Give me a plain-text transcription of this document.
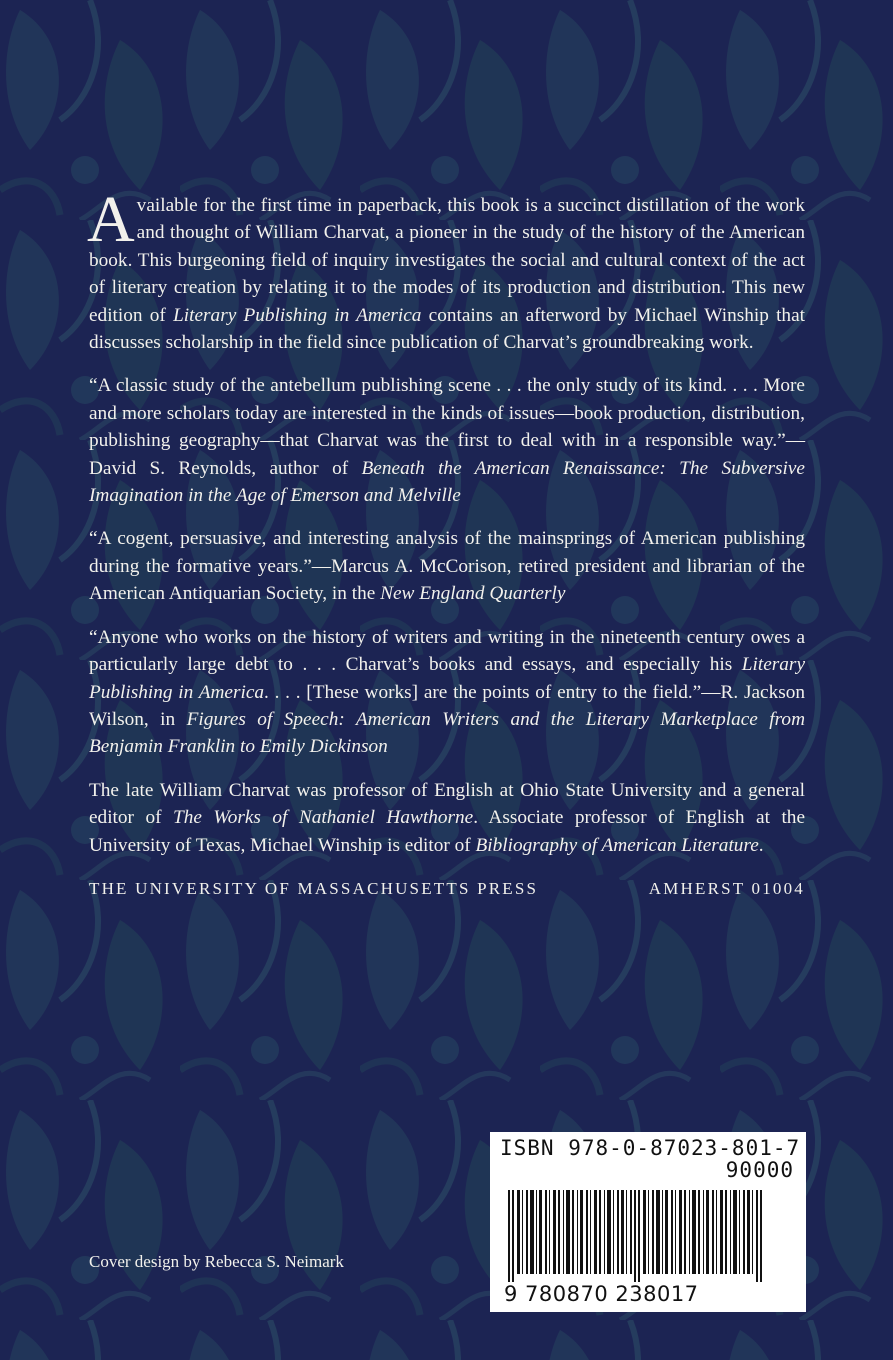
Available for the first time in paperback, this book is a succinct distillation of the work and thought of William Charvat, a pioneer in the study of the history of the American book. This burgeoning field of inquiry investigates the social and cultural context of the act of literary creation by relating it to the modes of its production and distribution. This new edition of Literary Publishing in America contains an afterword by Michael Winship that discusses scholarship in the field since publication of Charvat’s groundbreaking work.

“A classic study of the antebellum publishing scene . . . the only study of its kind. . . . More and more scholars today are interested in the kinds of issues—book production, distribution, publishing geography—that Charvat was the first to deal with in a responsible way.”—David S. Reynolds, author of Beneath the American Renaissance: The Subversive Imagination in the Age of Emerson and Melville

“A cogent, persuasive, and interesting analysis of the mainsprings of American publishing during the formative years.”—Marcus A. McCorison, retired president and librarian of the American Antiquarian Society, in the New England Quarterly

“Anyone who works on the history of writers and writing in the nineteenth century owes a particularly large debt to . . . Charvat’s books and essays, and especially his Literary Publishing in America. . . . [These works] are the points of entry to the field.”—R. Jackson Wilson, in Figures of Speech: American Writers and the Literary Marketplace from Benjamin Franklin to Emily Dickinson

The late William Charvat was professor of English at Ohio State University and a general editor of The Works of Nathaniel Hawthorne. Associate professor of English at the University of Texas, Michael Winship is editor of Bibliography of American Literature.

THE UNIVERSITY OF MASSACHUSETTS PRESS	AMHERST 01004
Cover design by Rebecca S. Neimark
ISBN 978-0-87023-801-7
90000
9 780870 238017
